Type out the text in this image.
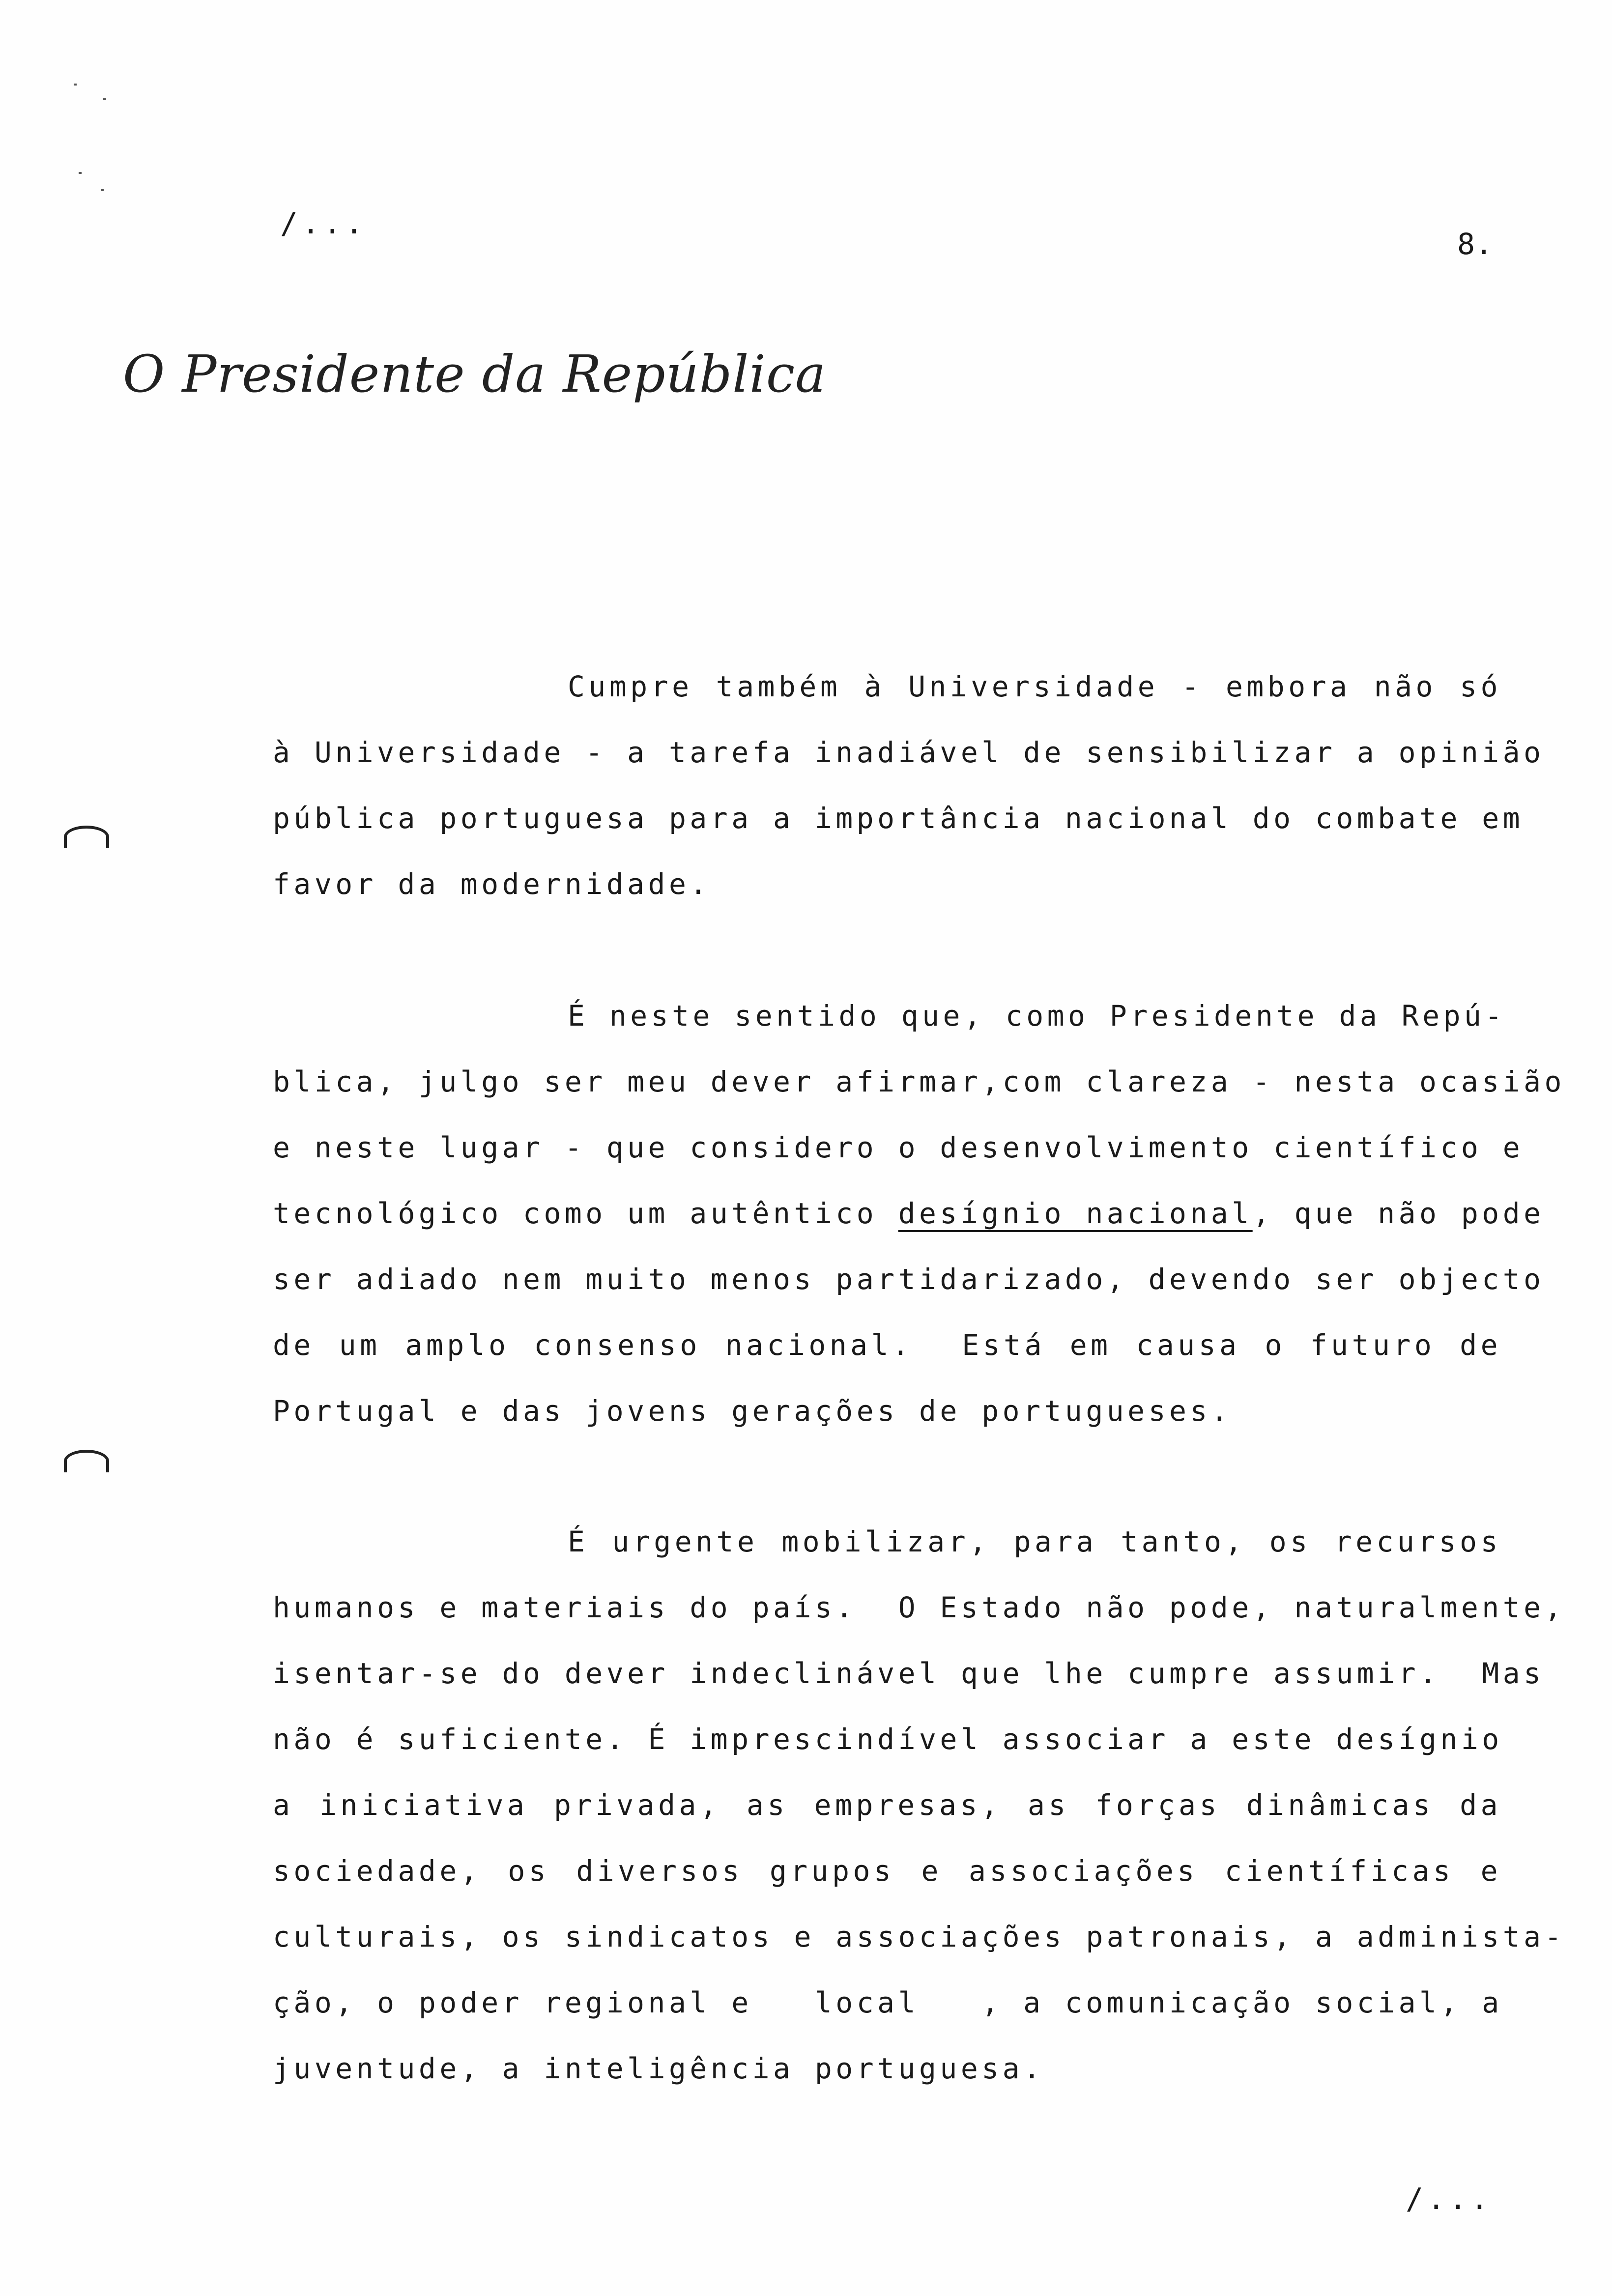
/...
8.
O Presidente da República
Cumpre também à Universidade - embora não só
à Universidade - a tarefa inadiável de sensibilizar a opinião
pública portuguesa para a importância nacional do combate em
favor da modernidade.
É neste sentido que, como Presidente da Repú-
blica, julgo ser meu dever afirmar,com clareza - nesta ocasião
e neste lugar - que considero o desenvolvimento científico e
tecnológico como um autêntico desígnio nacional, que não pode
ser adiado nem muito menos partidarizado, devendo ser objecto
de um amplo consenso nacional.  Está em causa o futuro de
Portugal e das jovens gerações de portugueses.
É urgente mobilizar, para tanto, os recursos
humanos e materiais do país.  O Estado não pode, naturalmente,
isentar-se do dever indeclinável que lhe cumpre assumir.  Mas
não é suficiente. É imprescindível associar a este desígnio
a iniciativa privada, as empresas, as forças dinâmicas da
sociedade, os diversos grupos e associações científicas e
culturais, os sindicatos e associações patronais, a administa-
ção, o poder regional e   local   , a comunicação social, a
juventude, a inteligência portuguesa.
/...
